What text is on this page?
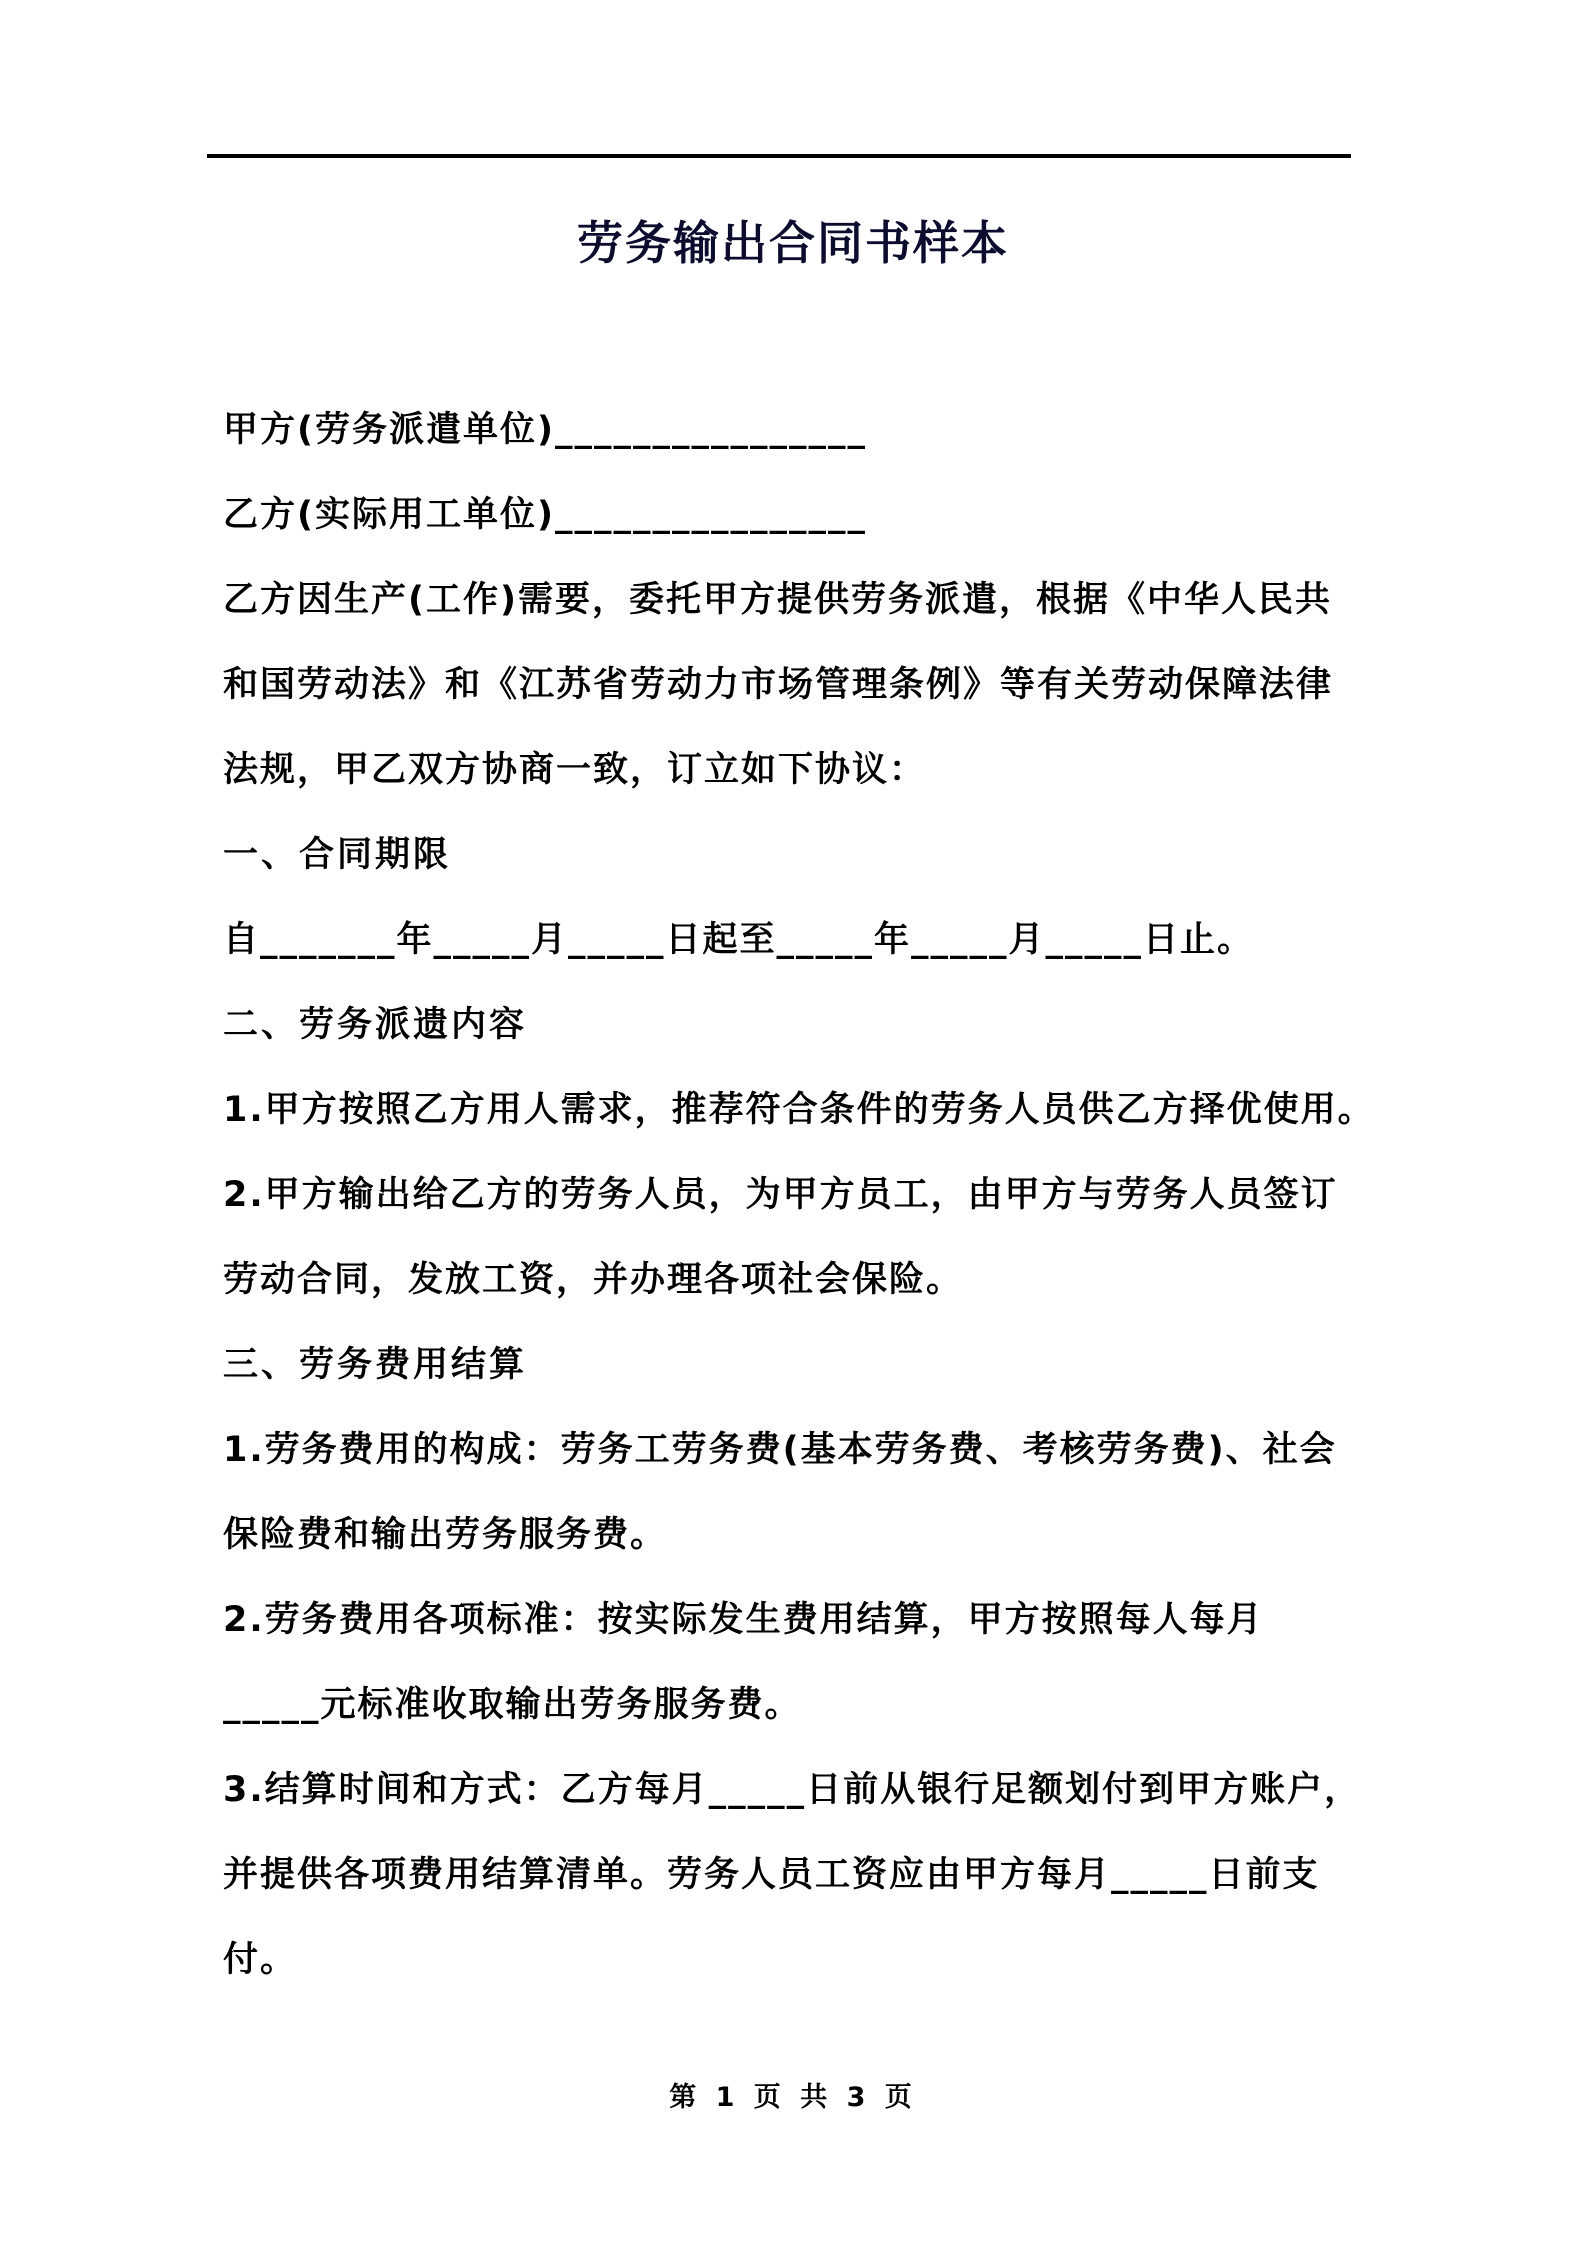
劳务输出合同书样本
甲方(劳务派遣单位)________________
乙方(实际用工单位)________________
乙方因生产(工作)需要，委托甲方提供劳务派遣，根据《中华人民共
和国劳动法》和《江苏省劳动力市场管理条例》等有关劳动保障法律
法规，甲乙双方协商一致，订立如下协议：
一、合同期限
自_______年_____月_____日起至_____年_____月_____日止。
二、劳务派遗内容
1.甲方按照乙方用人需求，推荐符合条件的劳务人员供乙方择优使用。
2.甲方输出给乙方的劳务人员，为甲方员工，由甲方与劳务人员签订
劳动合同，发放工资，并办理各项社会保险。
三、劳务费用结算
1.劳务费用的构成：劳务工劳务费(基本劳务费、考核劳务费)、社会
保险费和输出劳务服务费。
2.劳务费用各项标准：按实际发生费用结算，甲方按照每人每月
_____元标准收取输出劳务服务费。
3.结算时间和方式：乙方每月_____日前从银行足额划付到甲方账户，
并提供各项费用结算清单。劳务人员工资应由甲方每月_____日前支
付。
第 1 页 共 3 页
